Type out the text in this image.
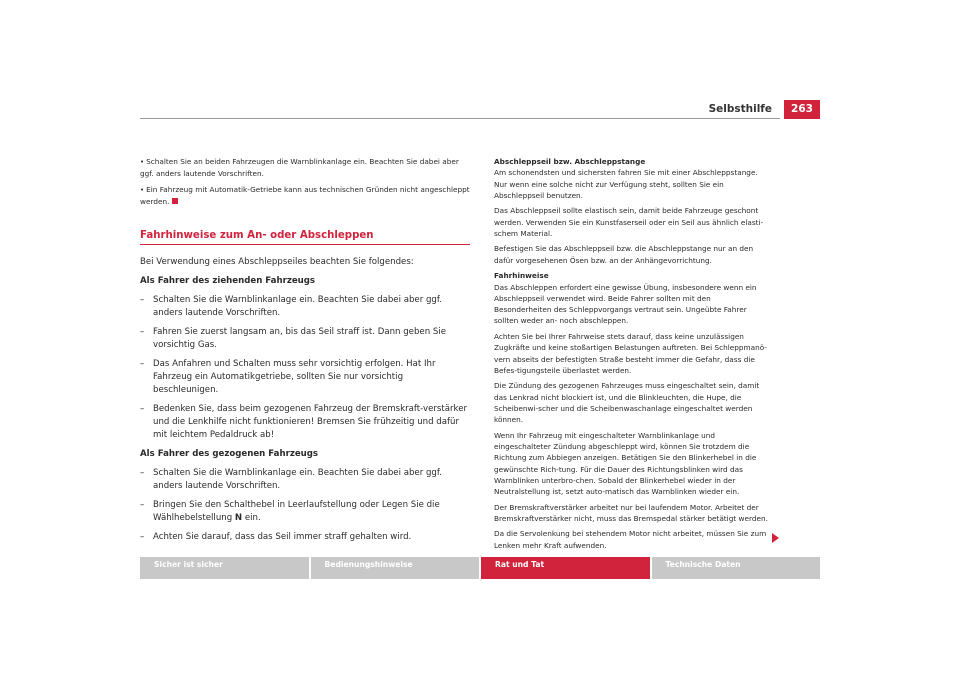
Selbsthilfe	263
• Schalten Sie an beiden Fahrzeugen die Warnblinkanlage ein. Beachten Sie dabei aber ggf. anders lautende Vorschriften.
• Ein Fahrzeug mit Automatik-Getriebe kann aus technischen Gründen nicht angeschleppt werden.
Fahrhinweise zum An- oder Abschleppen

Bei Verwendung eines Abschleppseiles beachten Sie folgendes:

Als Fahrer des ziehenden Fahrzeugs

– Schalten Sie die Warnblinkanlage ein. Beachten Sie dabei aber ggf. anders lautende Vorschriften.
– Fahren Sie zuerst langsam an, bis das Seil straff ist. Dann geben Sie vorsichtig Gas.
– Das Anfahren und Schalten muss sehr vorsichtig erfolgen. Hat Ihr Fahrzeug ein Automatikgetriebe, sollten Sie nur vorsichtig beschleunigen.
– Bedenken Sie, dass beim gezogenen Fahrzeug der Bremskraft-verstärker und die Lenkhilfe nicht funktionieren! Bremsen Sie frühzeitig und dafür mit leichtem Pedaldruck ab!

Als Fahrer des gezogenen Fahrzeugs

– Schalten Sie die Warnblinkanlage ein. Beachten Sie dabei aber ggf. anders lautende Vorschriften.
– Bringen Sie den Schalthebel in Leerlaufstellung oder Legen Sie die Wählhebelstellung N ein.
– Achten Sie darauf, dass das Seil immer straff gehalten wird.
Abschleppseil bzw. Abschleppstange

Am schonendsten und sichersten fahren Sie mit einer Abschleppstange. Nur wenn eine solche nicht zur Verfügung steht, sollten Sie ein Abschleppseil benutzen.

Das Abschleppseil sollte elastisch sein, damit beide Fahrzeuge geschont werden. Verwenden Sie ein Kunstfaserseil oder ein Seil aus ähnlich elasti-schem Material.

Befestigen Sie das Abschleppseil bzw. die Abschleppstange nur an den dafür vorgesehenen Ösen bzw. an der Anhängevorrichtung.

Fahrhinweise

Das Abschleppen erfordert eine gewisse Übung, insbesondere wenn ein Abschleppseil verwendet wird. Beide Fahrer sollten mit den Besonderheiten des Schleppvorgangs vertraut sein. Ungeübte Fahrer sollten weder an- noch abschleppen.

Achten Sie bei Ihrer Fahrweise stets darauf, dass keine unzulässigen Zugkräfte und keine stoßartigen Belastungen auftreten. Bei Schleppmanö-vern abseits der befestigten Straße besteht immer die Gefahr, dass die Befes-tigungsteile überlastet werden.

Die Zündung des gezogenen Fahrzeuges muss eingeschaltet sein, damit das Lenkrad nicht blockiert ist, und die Blinkleuchten, die Hupe, die Scheibenwi-scher und die Scheibenwaschanlage eingeschaltet werden können.

Wenn Ihr Fahrzeug mit eingeschalteter Warnblinkanlage und eingeschalteter Zündung abgeschleppt wird, können Sie trotzdem die Richtung zum Abbiegen anzeigen. Betätigen Sie den Blinkerhebel in die gewünschte Rich-tung. Für die Dauer des Richtungsblinken wird das Warnblinken unterbro-chen. Sobald der Blinkerhebel wieder in der Neutralstellung ist, setzt auto-matisch das Warnblinken wieder ein.

Der Bremskraftverstärker arbeitet nur bei laufendem Motor. Arbeitet der Bremskraftverstärker nicht, muss das Bremspedal stärker betätigt werden.

Da die Servolenkung bei stehendem Motor nicht arbeitet, müssen Sie zum Lenken mehr Kraft aufwenden.

Sicher ist sicher	Bedienungshinweise	Rat und Tat	Technische Daten
